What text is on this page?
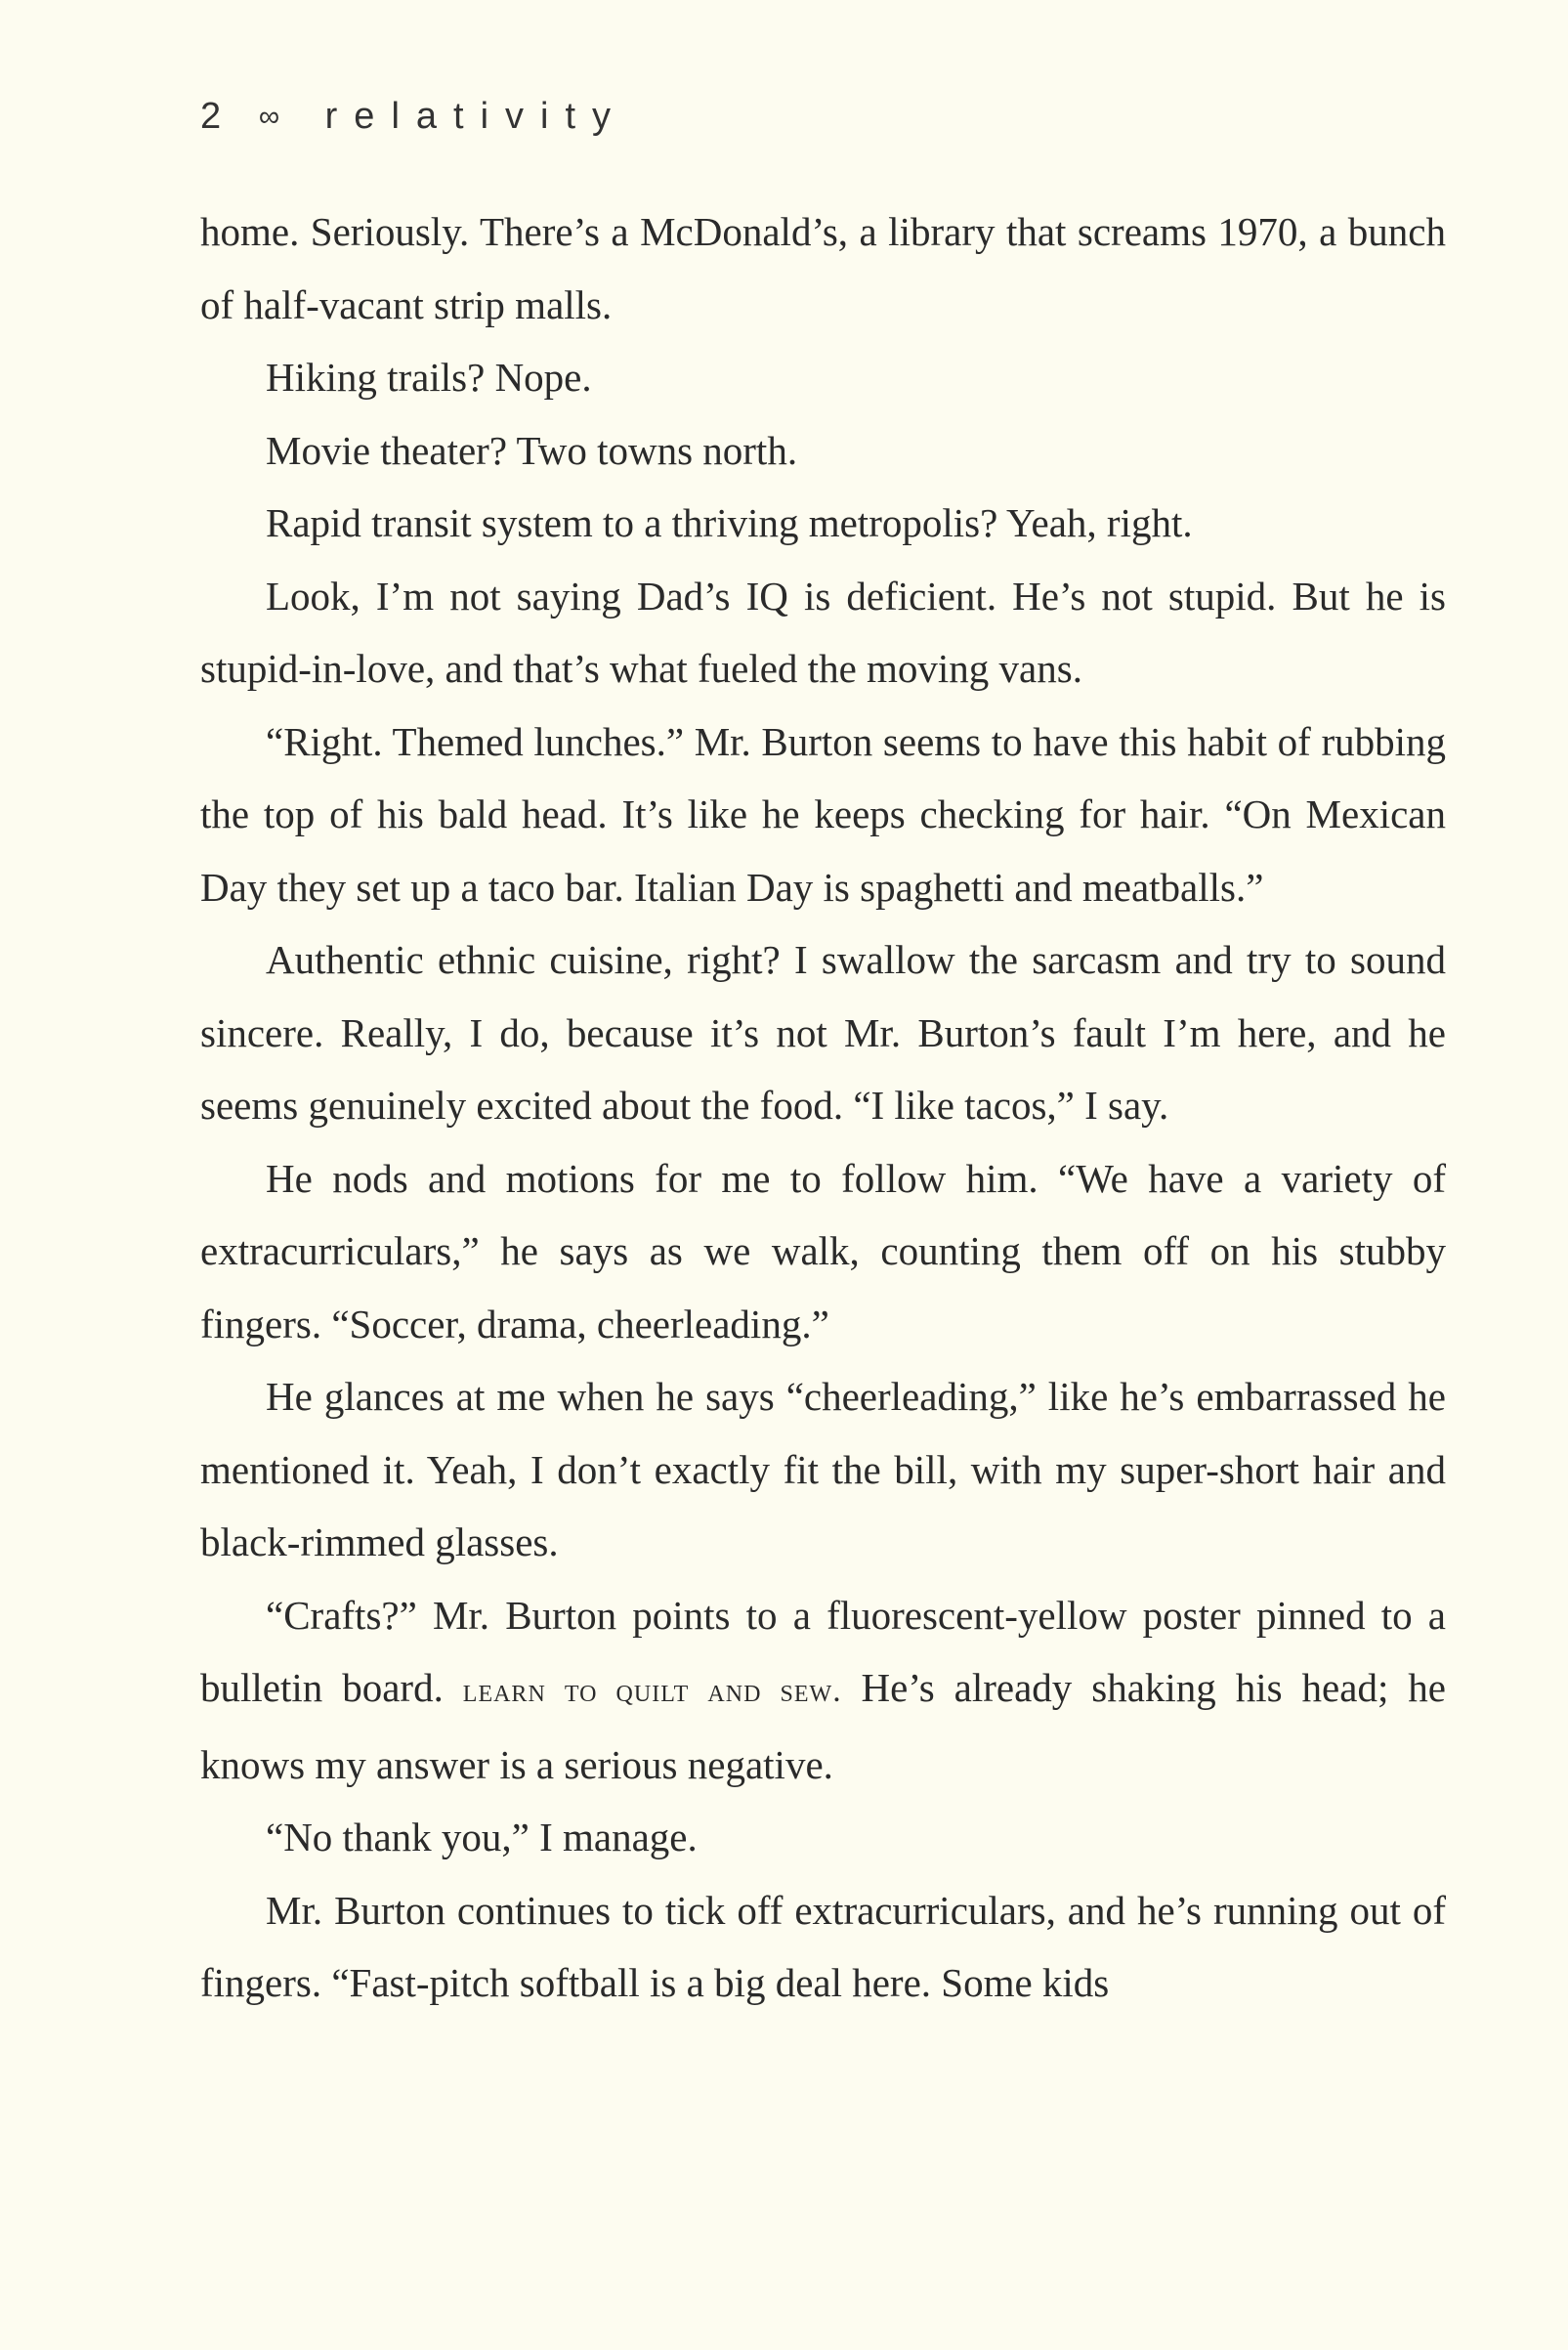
2 ∞ relativity

home. Seriously. There’s a McDonald’s, a library that screams 1970, a bunch of half-vacant strip malls.

Hiking trails? Nope.

Movie theater? Two towns north.

Rapid transit system to a thriving metropolis? Yeah, right.

Look, I’m not saying Dad’s IQ is deficient. He’s not stupid. But he is stupid-in-love, and that’s what fueled the moving vans.

“Right. Themed lunches.” Mr. Burton seems to have this habit of rubbing the top of his bald head. It’s like he keeps checking for hair. “On Mexican Day they set up a taco bar. Italian Day is spaghetti and meatballs.”

Authentic ethnic cuisine, right? I swallow the sarcasm and try to sound sincere. Really, I do, because it’s not Mr. Burton’s fault I’m here, and he seems genuinely excited about the food. “I like tacos,” I say.

He nods and motions for me to follow him. “We have a variety of extracurriculars,” he says as we walk, counting them off on his stubby fingers. “Soccer, drama, cheerleading.”

He glances at me when he says “cheerleading,” like he’s embarrassed he mentioned it. Yeah, I don’t exactly fit the bill, with my super-short hair and black-rimmed glasses.

“Crafts?” Mr. Burton points to a fluorescent-yellow poster pinned to a bulletin board. learn to quilt and sew. He’s already shaking his head; he knows my answer is a serious negative.

“No thank you,” I manage.

Mr. Burton continues to tick off extracurriculars, and he’s running out of fingers. “Fast-pitch softball is a big deal here. Some kids
